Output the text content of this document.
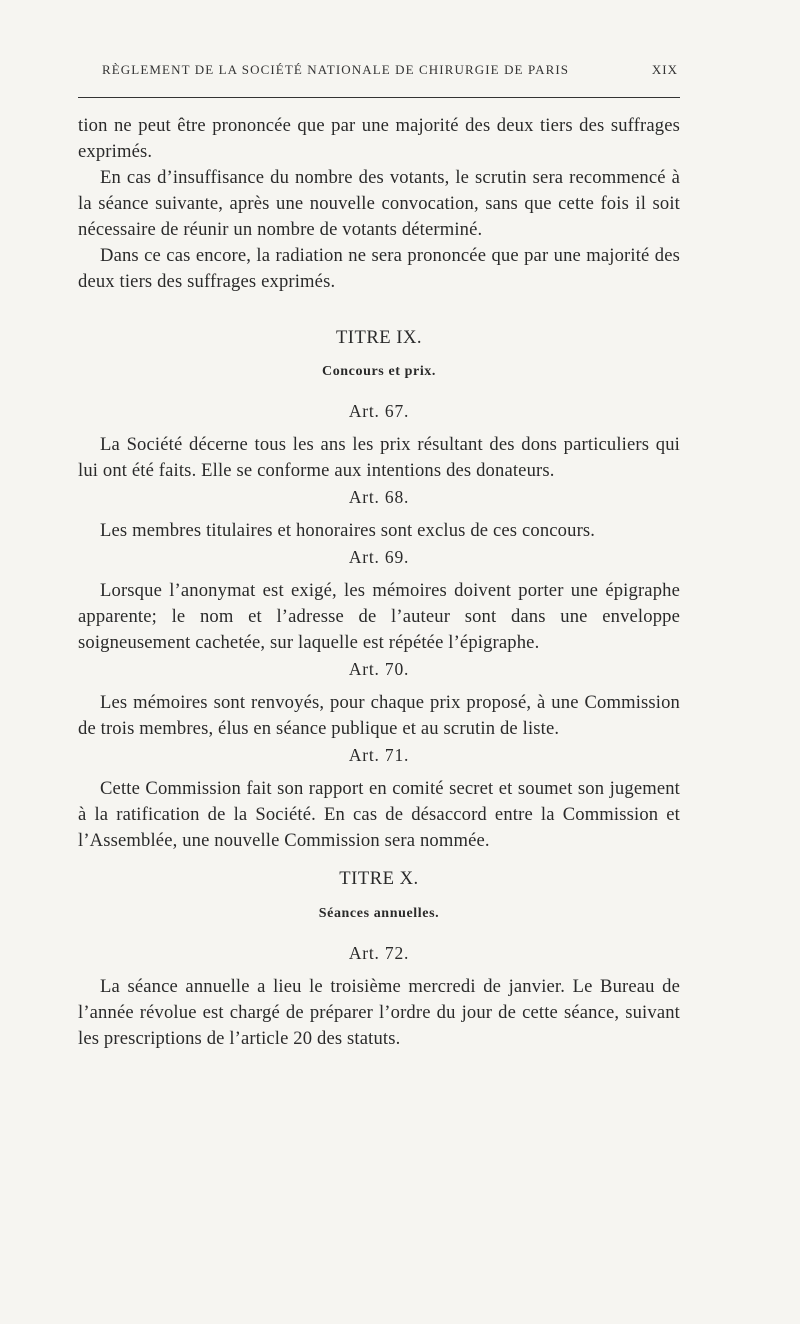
RÈGLEMENT DE LA SOCIÉTÉ NATIONALE DE CHIRURGIE DE PARIS	XIX

tion ne peut être prononcée que par une majorité des deux tiers des suffrages exprimés.

En cas d’insuffisance du nombre des votants, le scrutin sera recommencé à la séance suivante, après une nouvelle convocation, sans que cette fois il soit nécessaire de réunir un nombre de votants déterminé.

Dans ce cas encore, la radiation ne sera prononcée que par une majorité des deux tiers des suffrages exprimés.

TITRE IX.
Concours et prix.
Art. 67.

La Société décerne tous les ans les prix résultant des dons particuliers qui lui ont été faits. Elle se conforme aux intentions des donateurs.

Art. 68.

Les membres titulaires et honoraires sont exclus de ces concours.

Art. 69.

Lorsque l’anonymat est exigé, les mémoires doivent porter une épigraphe apparente; le nom et l’adresse de l’auteur sont dans une enveloppe soigneusement cachetée, sur laquelle est répétée l’épigraphe.

Art. 70.

Les mémoires sont renvoyés, pour chaque prix proposé, à une Commission de trois membres, élus en séance publique et au scrutin de liste.

Art. 71.

Cette Commission fait son rapport en comité secret et soumet son jugement à la ratification de la Société. En cas de désaccord entre la Commission et l’Assemblée, une nouvelle Commission sera nommée.

TITRE X.
Séances annuelles.
Art. 72.

La séance annuelle a lieu le troisième mercredi de janvier. Le Bureau de l’année révolue est chargé de préparer l’ordre du jour de cette séance, suivant les prescriptions de l’article 20 des statuts.
